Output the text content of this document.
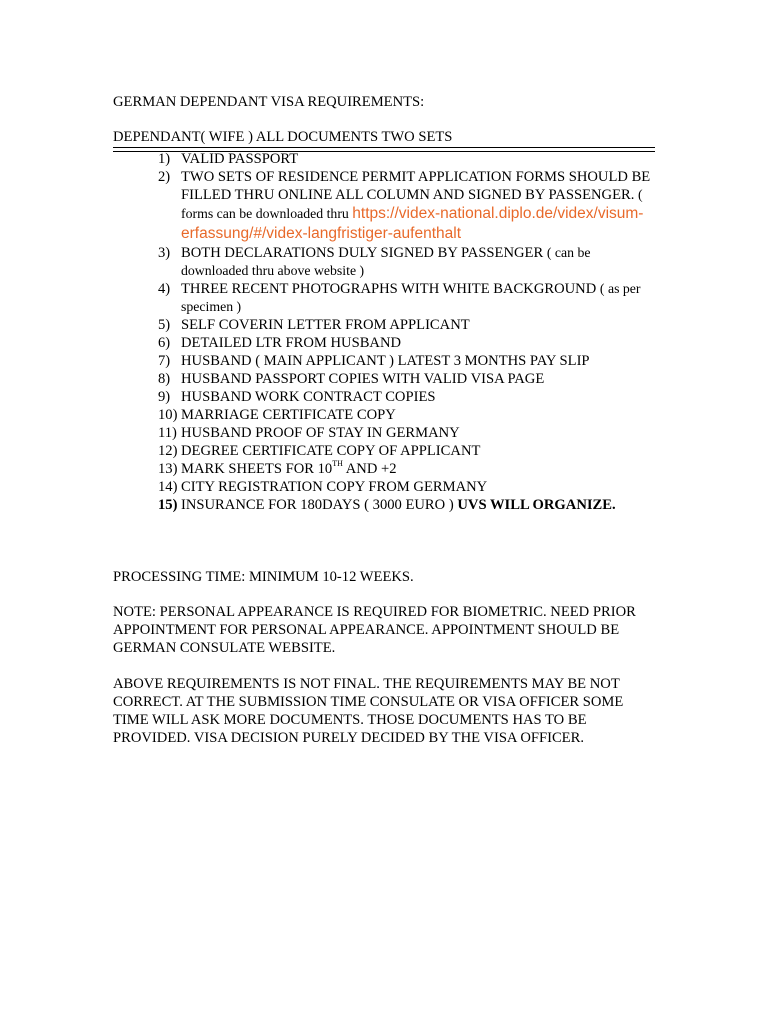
GERMAN DEPENDANT VISA REQUIREMENTS:
DEPENDANT( WIFE ) ALL DOCUMENTS TWO SETS
1) VALID PASSPORT
2) TWO SETS OF RESIDENCE PERMIT APPLICATION FORMS SHOULD BE FILLED THRU ONLINE ALL COLUMN AND SIGNED BY PASSENGER. ( forms can be downloaded thru https://videx-national.diplo.de/videx/visum-erfassung/#/videx-langfristiger-aufenthalt
3) BOTH DECLARATIONS DULY SIGNED BY PASSENGER ( can be downloaded thru above website )
4) THREE RECENT PHOTOGRAPHS WITH WHITE BACKGROUND ( as per specimen )
5) SELF COVERIN LETTER FROM APPLICANT
6) DETAILED LTR FROM HUSBAND
7) HUSBAND ( MAIN APPLICANT ) LATEST 3 MONTHS PAY SLIP
8) HUSBAND PASSPORT COPIES WITH VALID VISA PAGE
9) HUSBAND WORK CONTRACT COPIES
10) MARRIAGE CERTIFICATE COPY
11) HUSBAND PROOF OF STAY IN GERMANY
12) DEGREE CERTIFICATE COPY OF APPLICANT
13) MARK SHEETS FOR 10TH AND +2
14) CITY REGISTRATION COPY FROM GERMANY
15) INSURANCE FOR 180DAYS ( 3000 EURO ) UVS WILL ORGANIZE.
PROCESSING TIME: MINIMUM 10-12 WEEKS.
NOTE: PERSONAL APPEARANCE IS REQUIRED FOR BIOMETRIC. NEED PRIOR APPOINTMENT FOR PERSONAL APPEARANCE. APPOINTMENT SHOULD BE GERMAN CONSULATE WEBSITE.
ABOVE REQUIREMENTS IS NOT FINAL. THE REQUIREMENTS MAY BE NOT CORRECT. AT THE SUBMISSION TIME CONSULATE OR VISA OFFICER SOME TIME WILL ASK MORE DOCUMENTS. THOSE DOCUMENTS HAS TO BE PROVIDED. VISA DECISION PURELY DECIDED BY THE VISA OFFICER.
